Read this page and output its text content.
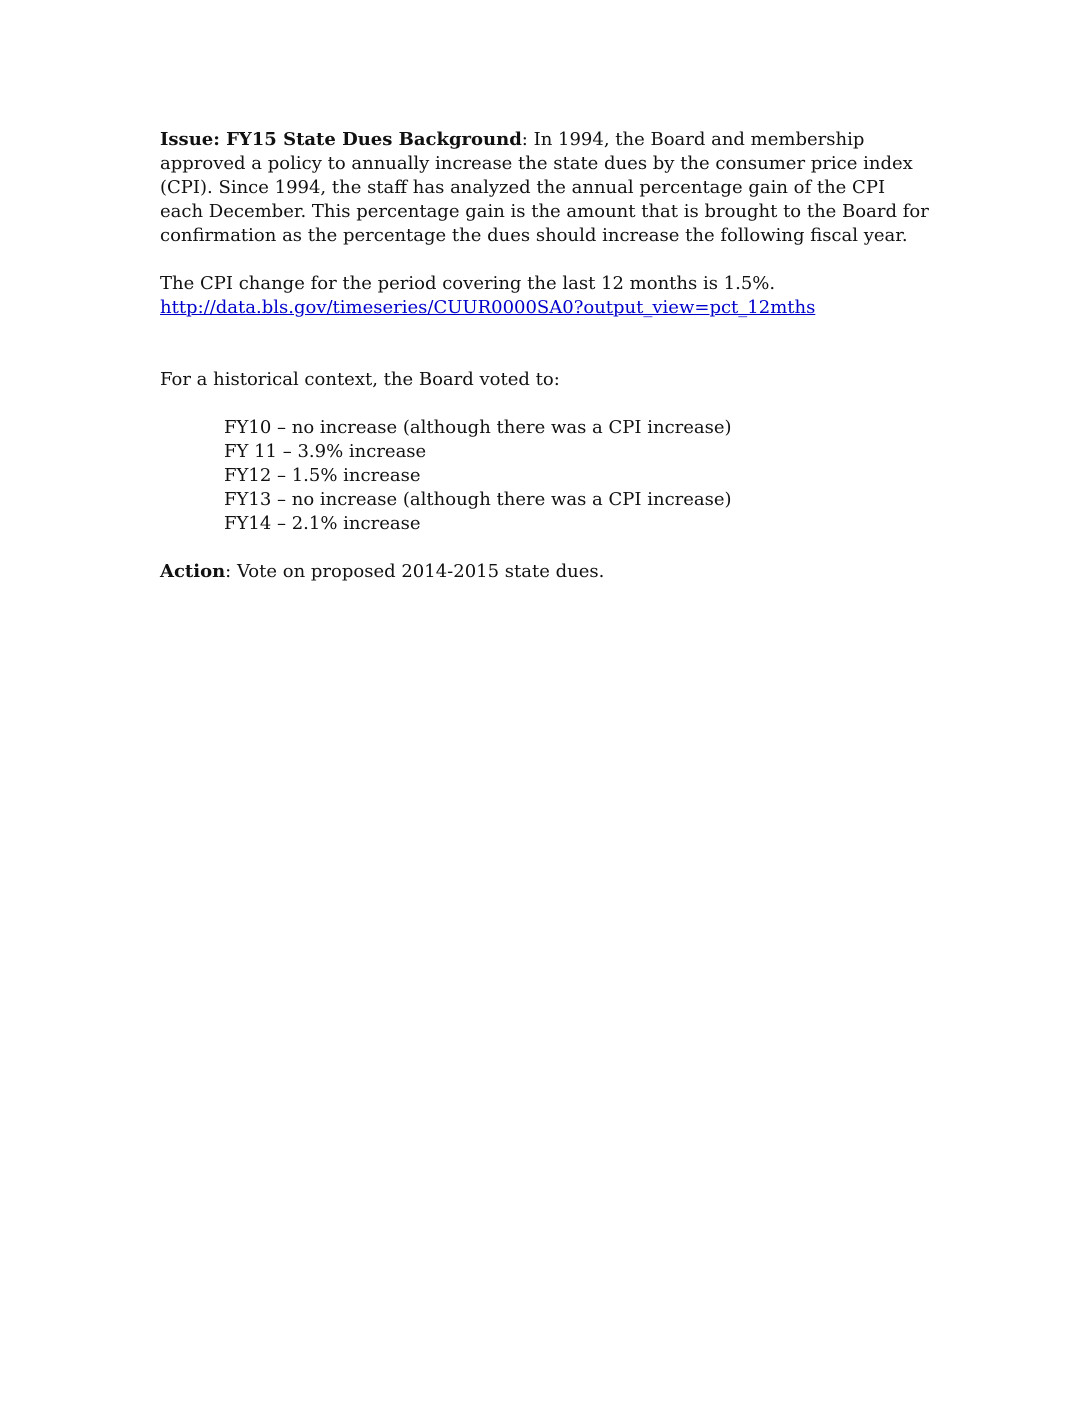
Issue: FY15 State Dues Background: In 1994, the Board and membership approved a policy to annually increase the state dues by the consumer price index (CPI). Since 1994, the staff has analyzed the annual percentage gain of the CPI each December. This percentage gain is the amount that is brought to the Board for confirmation as the percentage the dues should increase the following fiscal year.

The CPI change for the period covering the last 12 months is 1.5%.

http://data.bls.gov/timeseries/CUUR0000SA0?output_view=pct_12mths

For a historical context, the Board voted to:

FY10 – no increase (although there was a CPI increase)
FY 11 – 3.9% increase
FY12 – 1.5% increase
FY13 – no increase (although there was a CPI increase)
FY14 – 2.1% increase

Action: Vote on proposed 2014-2015 state dues.
